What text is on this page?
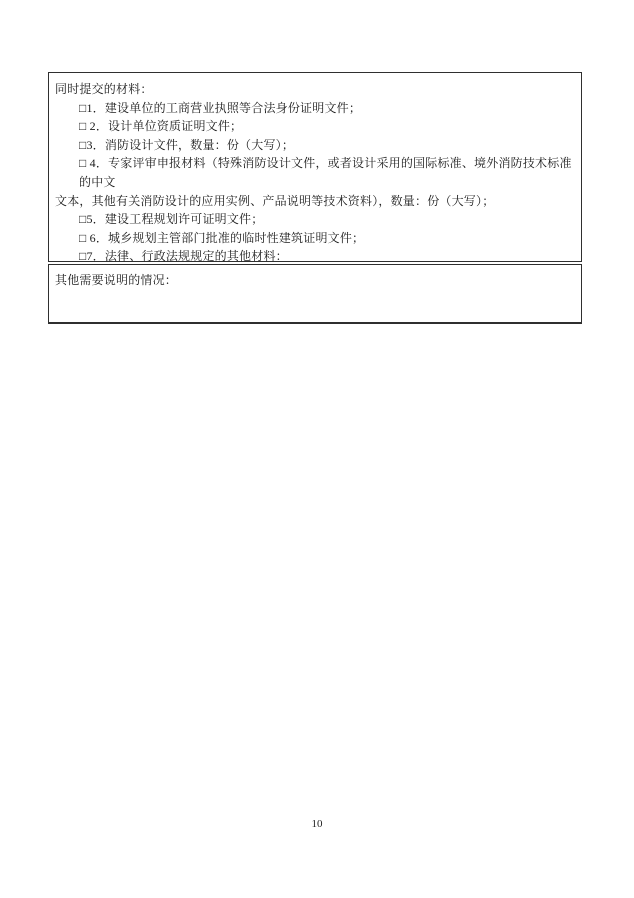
同时提交的材料：
□1．建设单位的工商营业执照等合法身份证明文件；
□ 2．设计单位资质证明文件；
□3．消防设计文件，数量：份（大写）；
□ 4．专家评审申报材料（特殊消防设计文件，或者设计采用的国际标准、境外消防技术标准的中文
文本，其他有关消防设计的应用实例、产品说明等技术资料），数量：份（大写）；
□5．建设工程规划许可证明文件；
□ 6．城乡规划主管部门批准的临时性建筑证明文件；
□7．法律、行政法规规定的其他材料：
其他需要说明的情况：
10
